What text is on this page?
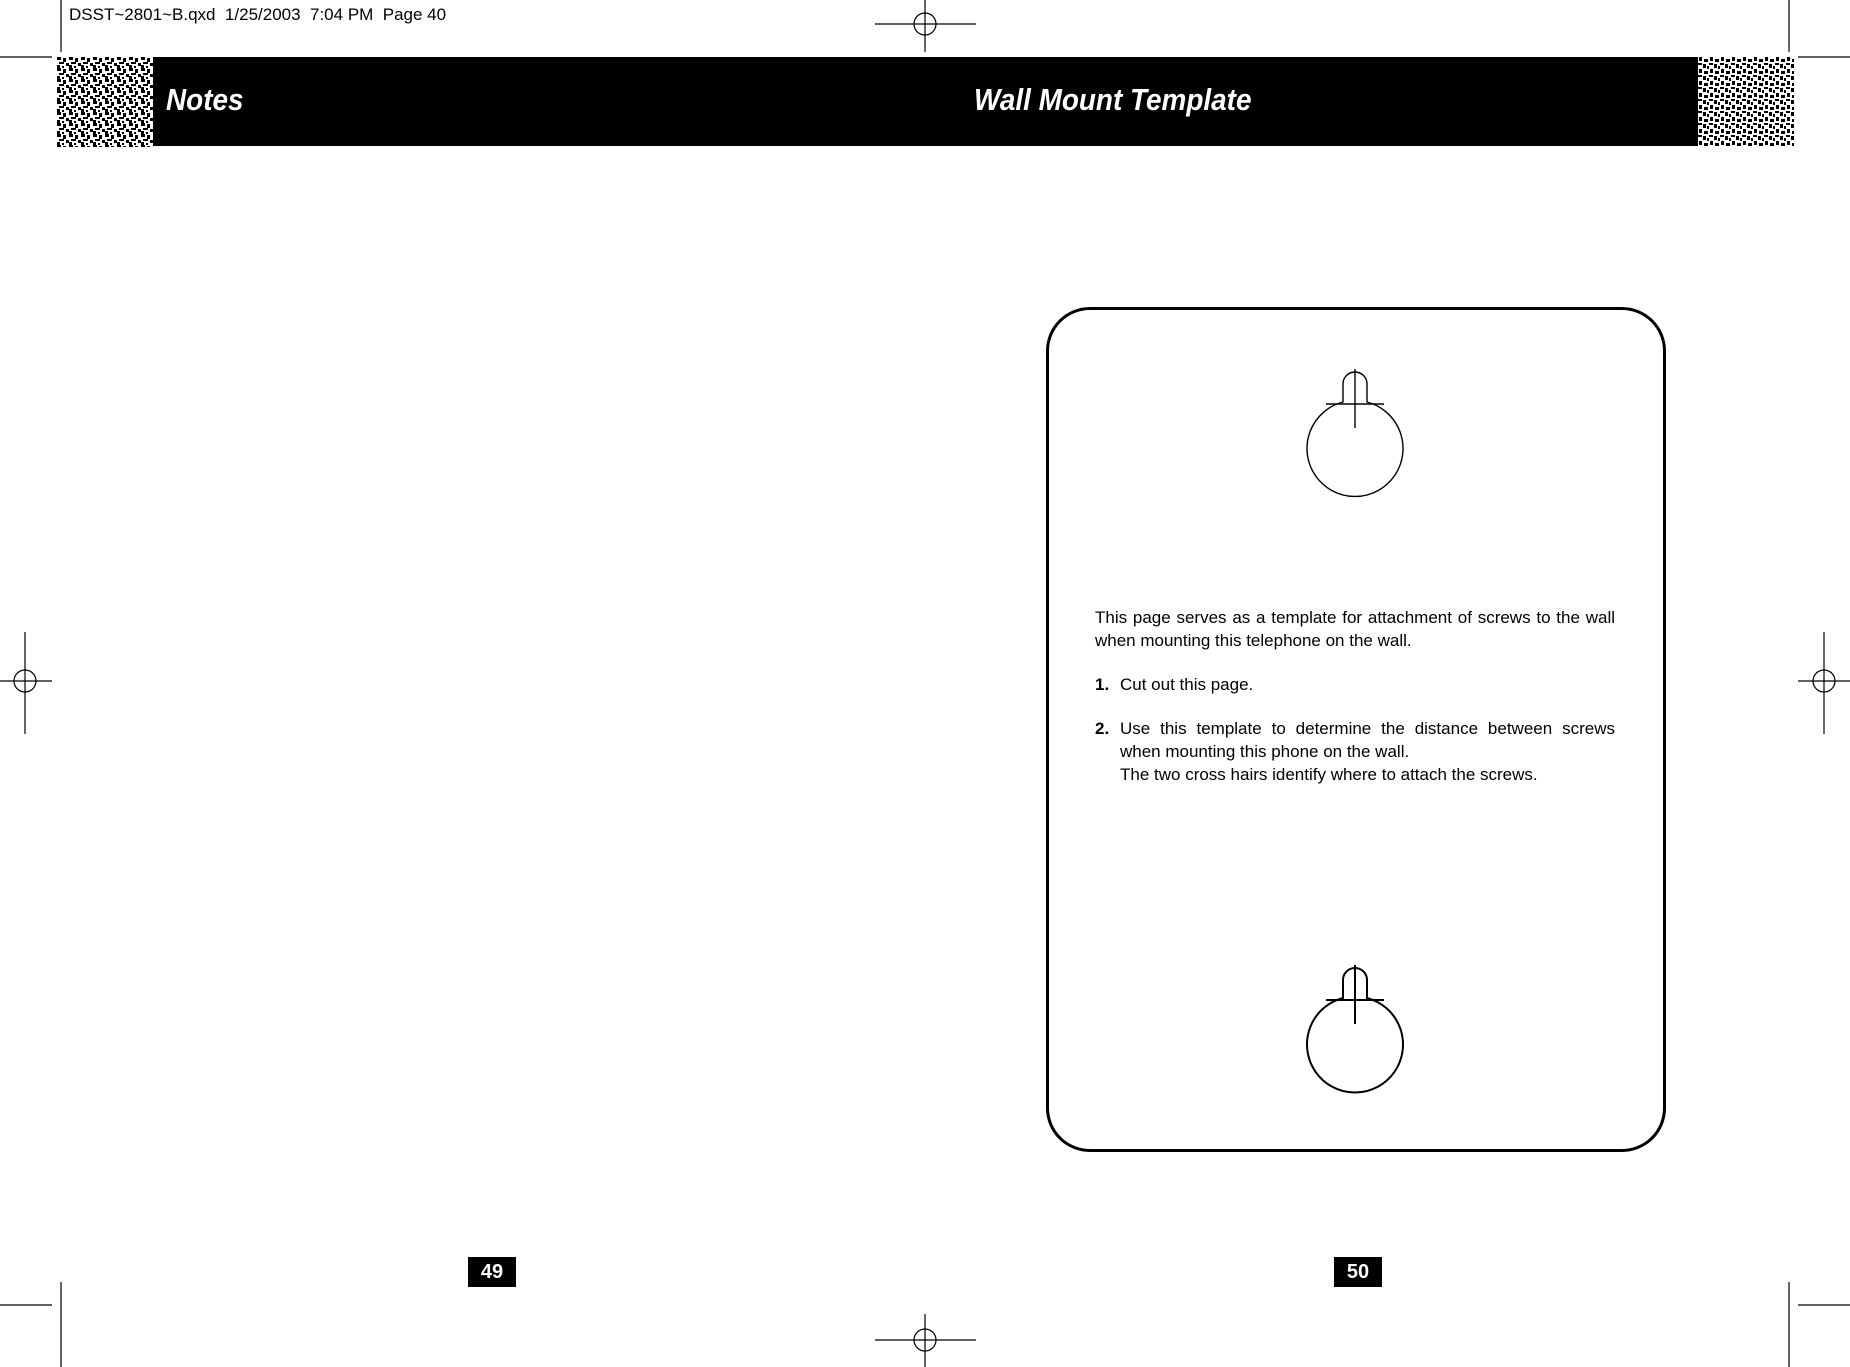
DSST~2801~B.qxd  1/25/2003  7:04 PM  Page 40
Notes	Wall Mount Template

This page serves as a template for attachment of screws to the wall when mounting this telephone on the wall.

1. Cut out this page.
2. Use this template to determine the distance between screws when mounting this phone on the wall.
The two cross hairs identify where to attach the screws.
49	50
